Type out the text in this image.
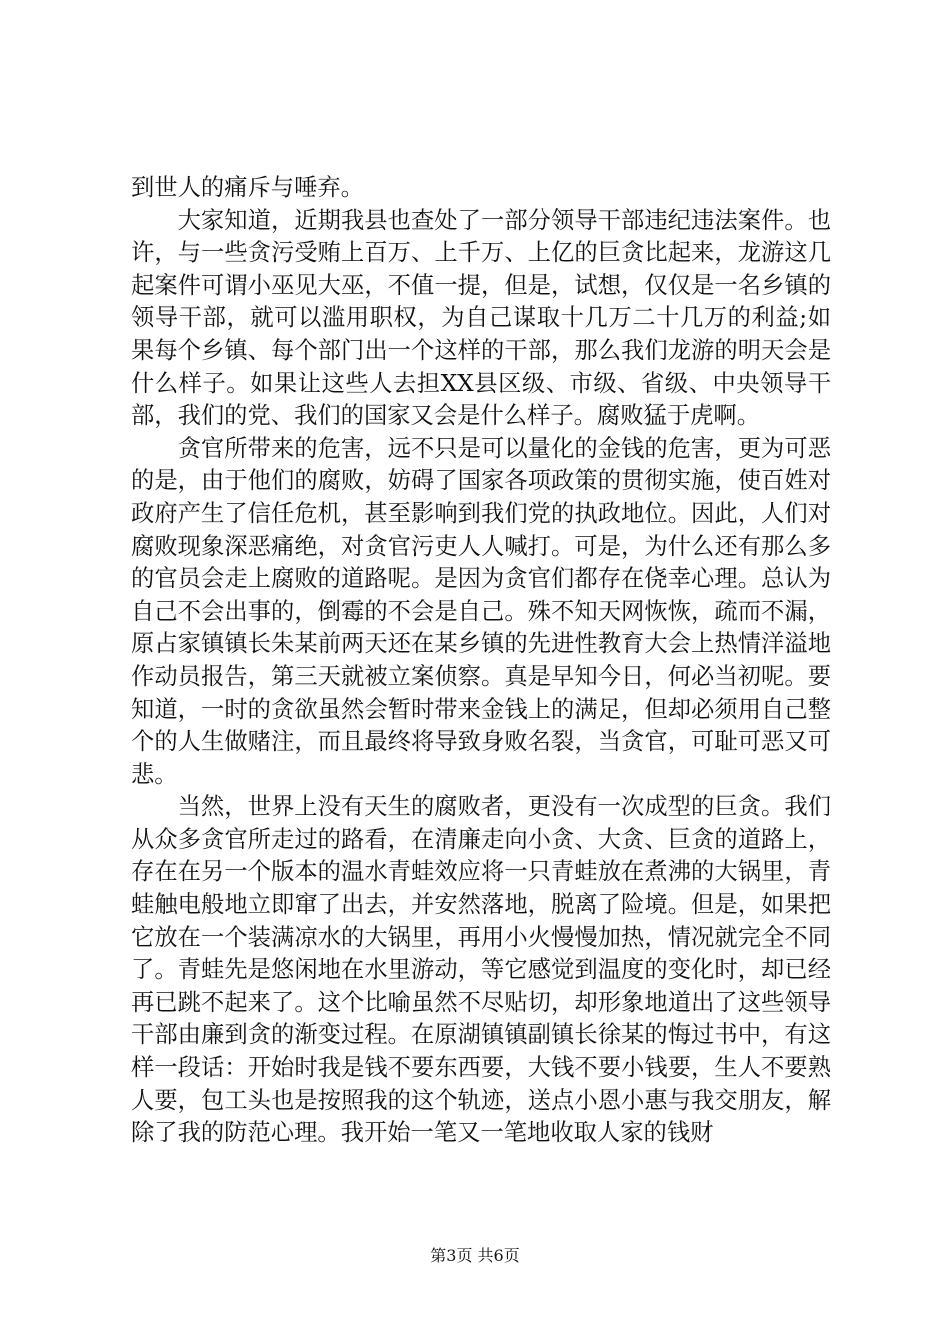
到世人的痛斥与唾弃。

大家知道，近期我县也查处了一部分领导干部违纪违法案件。也许，与一些贪污受贿上百万、上千万、上亿的巨贪比起来，龙游这几起案件可谓小巫见大巫，不值一提，但是，试想，仅仅是一名乡镇的领导干部，就可以滥用职权，为自己谋取十几万二十几万的利益;如果每个乡镇、每个部门出一个这样的干部，那么我们龙游的明天会是什么样子。如果让这些人去担XX县区级、市级、省级、中央领导干部，我们的党、我们的国家又会是什么样子。腐败猛于虎啊。

贪官所带来的危害，远不只是可以量化的金钱的危害，更为可恶的是，由于他们的腐败，妨碍了国家各项政策的贯彻实施，使百姓对政府产生了信任危机，甚至影响到我们党的执政地位。因此，人们对腐败现象深恶痛绝，对贪官污吏人人喊打。可是，为什么还有那么多的官员会走上腐败的道路呢。是因为贪官们都存在侥幸心理。总认为自己不会出事的，倒霉的不会是自己。殊不知天网恢恢，疏而不漏，原占家镇镇长朱某前两天还在某乡镇的先进性教育大会上热情洋溢地作动员报告，第三天就被立案侦察。真是早知今日，何必当初呢。要知道，一时的贪欲虽然会暂时带来金钱上的满足，但却必须用自己整个的人生做赌注，而且最终将导致身败名裂，当贪官，可耻可恶又可悲。

当然，世界上没有天生的腐败者，更没有一次成型的巨贪。我们从众多贪官所走过的路看，在清廉走向小贪、大贪、巨贪的道路上，存在在另一个版本的温水青蛙效应将一只青蛙放在煮沸的大锅里，青蛙触电般地立即窜了出去，并安然落地，脱离了险境。但是，如果把它放在一个装满凉水的大锅里，再用小火慢慢加热，情况就完全不同了。青蛙先是悠闲地在水里游动，等它感觉到温度的变化时，却已经再已跳不起来了。这个比喻虽然不尽贴切，却形象地道出了这些领导干部由廉到贪的渐变过程。在原湖镇镇副镇长徐某的悔过书中，有这样一段话：开始时我是钱不要东西要，大钱不要小钱要，生人不要熟人要，包工头也是按照我的这个轨迹，送点小恩小惠与我交朋友，解除了我的防范心理。我开始一笔又一笔地收取人家的钱财

第3页 共6页
